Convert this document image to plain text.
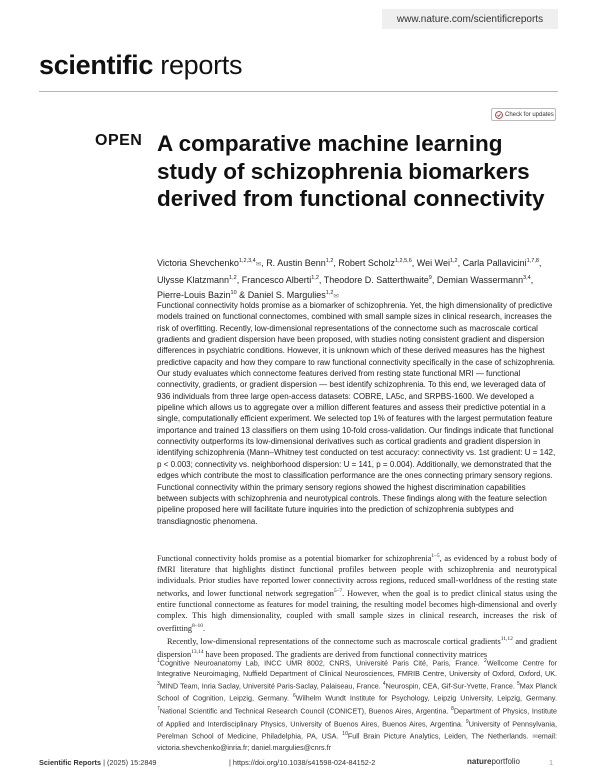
www.nature.com/scientificreports
scientific reports
Check for updates
OPEN A comparative machine learning study of schizophrenia biomarkers derived from functional connectivity
Victoria Shevchenko$^{1,2,3,4}$✉, R. Austin Benn$^{1,2}$, Robert Scholz$^{1,2,5,6}$, Wei Wei$^{1,2}$, Carla Pallavicini$^{1,7,8}$, Ulysse Klatzmann$^{1,2}$, Francesco Alberti$^{1,2}$, Theodore D. Satterthwaite$^9$, Demian Wassermann$^{3,4}$, Pierre-Louis Bazin$^{10}$ & Daniel S. Margulies$^{1,2}$✉

Functional connectivity holds promise as a biomarker of schizophrenia. Yet, the high dimensionality of predictive models trained on functional connectomes, combined with small sample sizes in clinical research, increases the risk of overfitting. Recently, low-dimensional representations of the connectome such as macroscale cortical gradients and gradient dispersion have been proposed, with studies noting consistent gradient and dispersion differences in psychiatric conditions. However, it is unknown which of these derived measures has the highest predictive capacity and how they compare to raw functional connectivity specifically in the case of schizophrenia. Our study evaluates which connectome features derived from resting state functional MRI — functional connectivity, gradients, or gradient dispersion — best identify schizophrenia. To this end, we leveraged data of 936 individuals from three large open-access datasets: COBRE, LA5c, and SRPBS-1600. We developed a pipeline which allows us to aggregate over a million different features and assess their predictive potential in a single, computationally efficient experiment. We selected top 1% of features with the largest permutation feature importance and trained 13 classifiers on them using 10-fold cross-validation. Our findings indicate that functional connectivity outperforms its low-dimensional derivatives such as cortical gradients and gradient dispersion in identifying schizophrenia (Mann–Whitney test conducted on test accuracy: connectivity vs. 1st gradient: U = 142, p < 0.003; connectivity vs. neighborhood dispersion: U = 141, p = 0.004). Additionally, we demonstrated that the edges which contribute the most to classification performance are the ones connecting primary sensory regions. Functional connectivity within the primary sensory regions showed the highest discrimination capabilities between subjects with schizophrenia and neurotypical controls. These findings along with the feature selection pipeline proposed here will facilitate future inquiries into the prediction of schizophrenia subtypes and transdiagnostic phenomena.

Functional connectivity holds promise as a potential biomarker for schizophrenia$^{1-5}$, as evidenced by a robust body of fMRI literature that highlights distinct functional profiles between people with schizophrenia and neurotypical individuals. Prior studies have reported lower connectivity across regions, reduced small-worldness of the resting state networks, and lower functional network segregation$^{5-7}$. However, when the goal is to predict clinical status using the entire functional connectome as features for model training, the resulting model becomes high-dimensional and overly complex. This high dimensionality, coupled with small sample sizes in clinical research, increases the risk of overfitting$^{8-10}$.

Recently, low-dimensional representations of the connectome such as macroscale cortical gradients$^{11,12}$ and gradient dispersion$^{13,14}$ have been proposed. The gradients are derived from functional connectivity matrices

$^1$Cognitive Neuroanatomy Lab, INCC UMR 8002, CNRS, Université Paris Cité, Paris, France. $^2$Wellcome Centre for Integrative Neuroimaging, Nuffield Department of Clinical Neurosciences, FMRIB Centre, University of Oxford, Oxford, UK. $^3$MIND Team, Inria Saclay, Université Paris-Saclay, Palaiseau, France. $^4$Neurospin, CEA, Gif-Sur-Yvette, France. $^5$Max Planck School of Cognition, Leipzig, Germany. $^6$Wilhelm Wundt Institute for Psychology, Leipzig University, Leipzig, Germany. $^7$National Scientific and Technical Research Council (CONICET), Buenos Aires, Argentina. $^8$Department of Physics, Institute of Applied and Interdisciplinary Physics, University of Buenos Aires, Buenos Aires, Argentina. $^9$University of Pennsylvania, Perelman School of Medicine, Philadelphia, PA, USA. $^{10}$Full Brain Picture Analytics, Leiden, The Netherlands. ✉email: victoria.shevchenko@inria.fr; daniel.margulies@cnrs.fr

Scientific Reports | (2025) 15:2849	| https://doi.org/10.1038/s41598-024-84152-2	natureportfolio	1
